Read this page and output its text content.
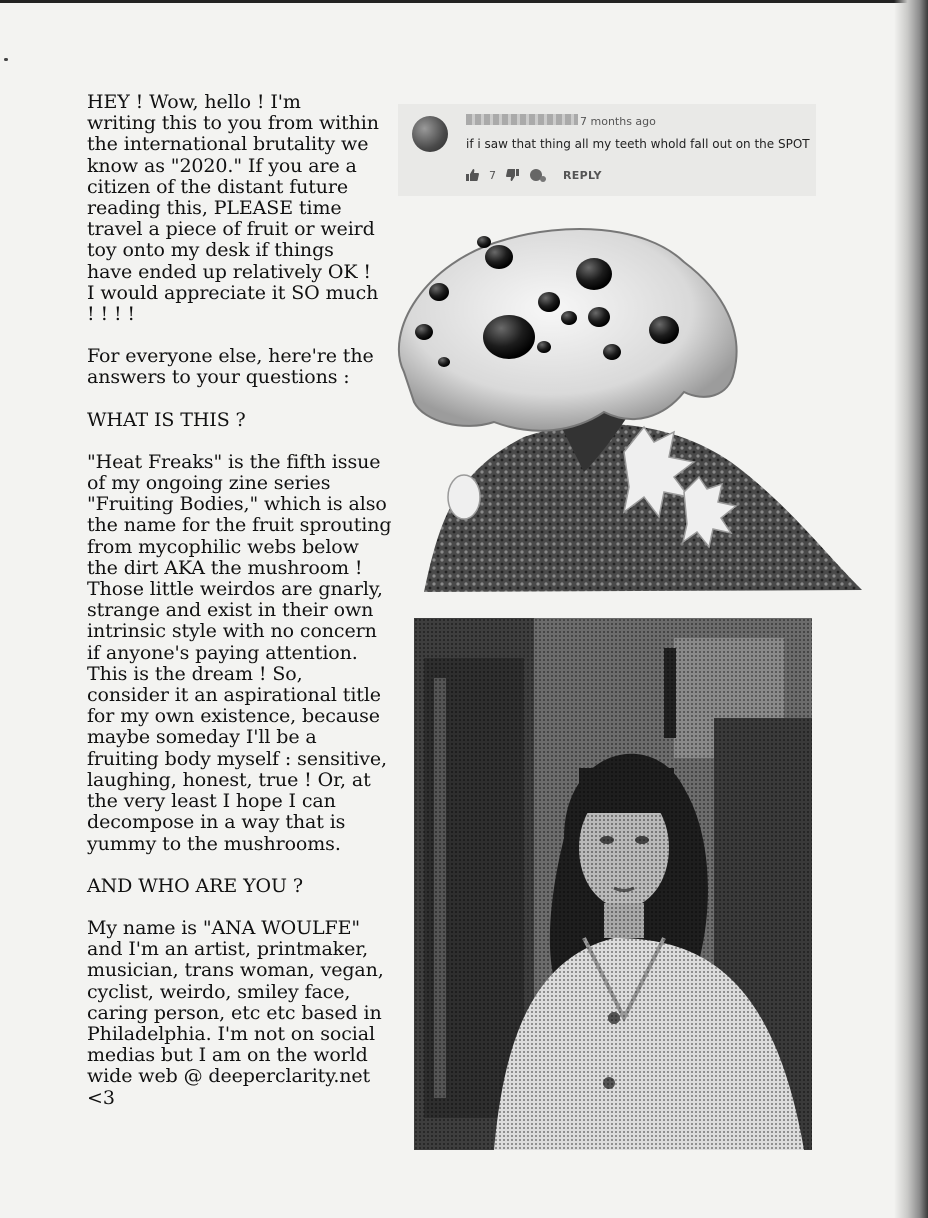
HEY ! Wow, hello ! I'm
writing this to you from within
the international brutality we
know as "2020." If you are a
citizen of the distant future
reading this, PLEASE time
travel a piece of fruit or weird
toy onto my desk if things
have ended up relatively OK !
I would appreciate it SO much
! ! ! !

For everyone else, here're the
answers to your questions :

WHAT IS THIS ?

"Heat Freaks" is the fifth issue
of my ongoing zine series
"Fruiting Bodies," which is also
the name for the fruit sprouting
from mycophilic webs below
the dirt AKA the mushroom !
Those little weirdos are gnarly,
strange and exist in their own
intrinsic style with no concern
if anyone's paying attention.
This is the dream ! So,
consider it an aspirational title
for my own existence, because
maybe someday I'll be a
fruiting body myself : sensitive,
laughing, honest, true ! Or, at
the very least I hope I can
decompose in a way that is
yummy to the mushrooms.

AND WHO ARE YOU ?

My name is "ANA WOULFE"
and I'm an artist, printmaker,
musician, trans woman, vegan,
cyclist, weirdo, smiley face,
caring person, etc etc based in
Philadelphia. I'm not on social
medias but I am on the world
wide web @ deeperclarity.net
<3

7 months ago
if i saw that thing all my teeth whold fall out on the SPOT
7	REPLY
